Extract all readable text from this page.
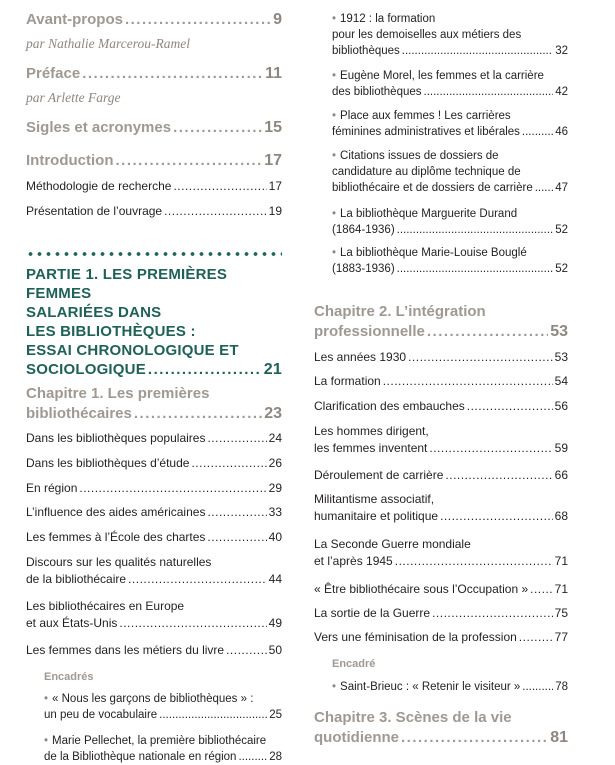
Avant-propos .....	9
par Nathalie Marcerou-Ramel
Préface .....	11
par Arlette Farge
Sigles et acronymes .....	15
Introduction .....	17
Méthodologie de recherche .....	17
Présentation de l’ouvrage .....	19
PARTIE 1. LES PREMIÈRES FEMMES
SALARIÉES DANS
LES BIBLIOTHÈQUES :
ESSAI CHRONOLOGIQUE ET
SOCIOLOGIQUE .....	21
Chapitre 1. Les premières
bibliothécaires .....	23
Dans les bibliothèques populaires .....	24
Dans les bibliothèques d’étude .....	26
En région .....	29
L’influence des aides américaines .....	33
Les femmes à l’École des chartes .....	40
Discours sur les qualités naturelles
de la bibliothécaire .....	44
Les bibliothécaires en Europe
et aux États-Unis .....	49
Les femmes dans les métiers du livre .....	50
Encadrés
• « Nous les garçons de bibliothèques » :
un peu de vocabulaire .....	25
• Marie Pellechet, la première bibliothécaire
de la Bibliothèque nationale en région .....	28
• 1912 : la formation
pour les demoiselles aux métiers des
bibliothèques .....	32
• Eugène Morel, les femmes et la carrière
des bibliothèques .....	42
• Place aux femmes ! Les carrières
féminines administratives et libérales .....	46
• Citations issues de dossiers de
candidature au diplôme technique de
bibliothécaire et de dossiers de carrière ..... 47
• La bibliothèque Marguerite Durand
(1864-1936) .....	52
• La bibliothèque Marie-Louise Bouglé
(1883-1936) .....	52
Chapitre 2. L’intégration
professionnelle .....	53
Les années 1930 .....	53
La formation .....	54
Clarification des embauches .....	56
Les hommes dirigent,
les femmes inventent .....	59
Déroulement de carrière .....	66
Militantisme associatif,
humanitaire et politique .....	68
La Seconde Guerre mondiale
et l’après 1945 .....	71
« Être bibliothécaire sous l’Occupation » ..... 71
La sortie de la Guerre .....	75
Vers une féminisation de la profession .....	77
Encadré
• Saint-Brieuc : « Retenir le visiteur » .....	78
Chapitre 3. Scènes de la vie
quotidienne .....	81
